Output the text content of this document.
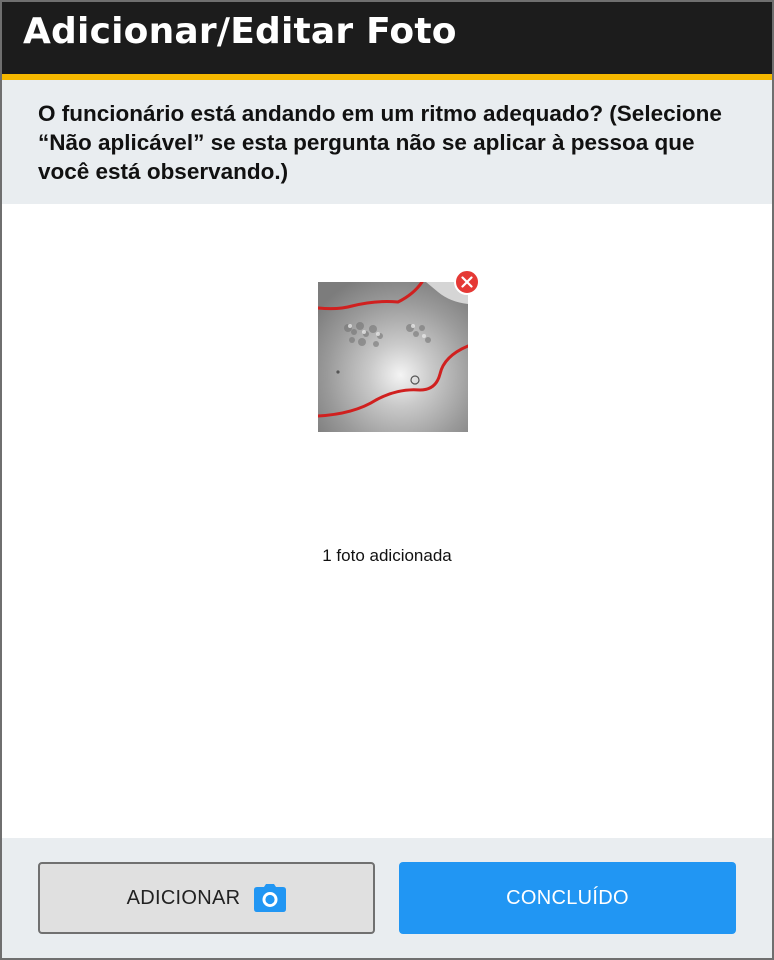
Adicionar/Editar Foto

O funcionário está andando em um ritmo adequado? (Selecione “Não aplicável” se esta pergunta não se aplicar à pessoa que você está observando.)

1 foto adicionada
ADICIONAR	CONCLUÍDO
